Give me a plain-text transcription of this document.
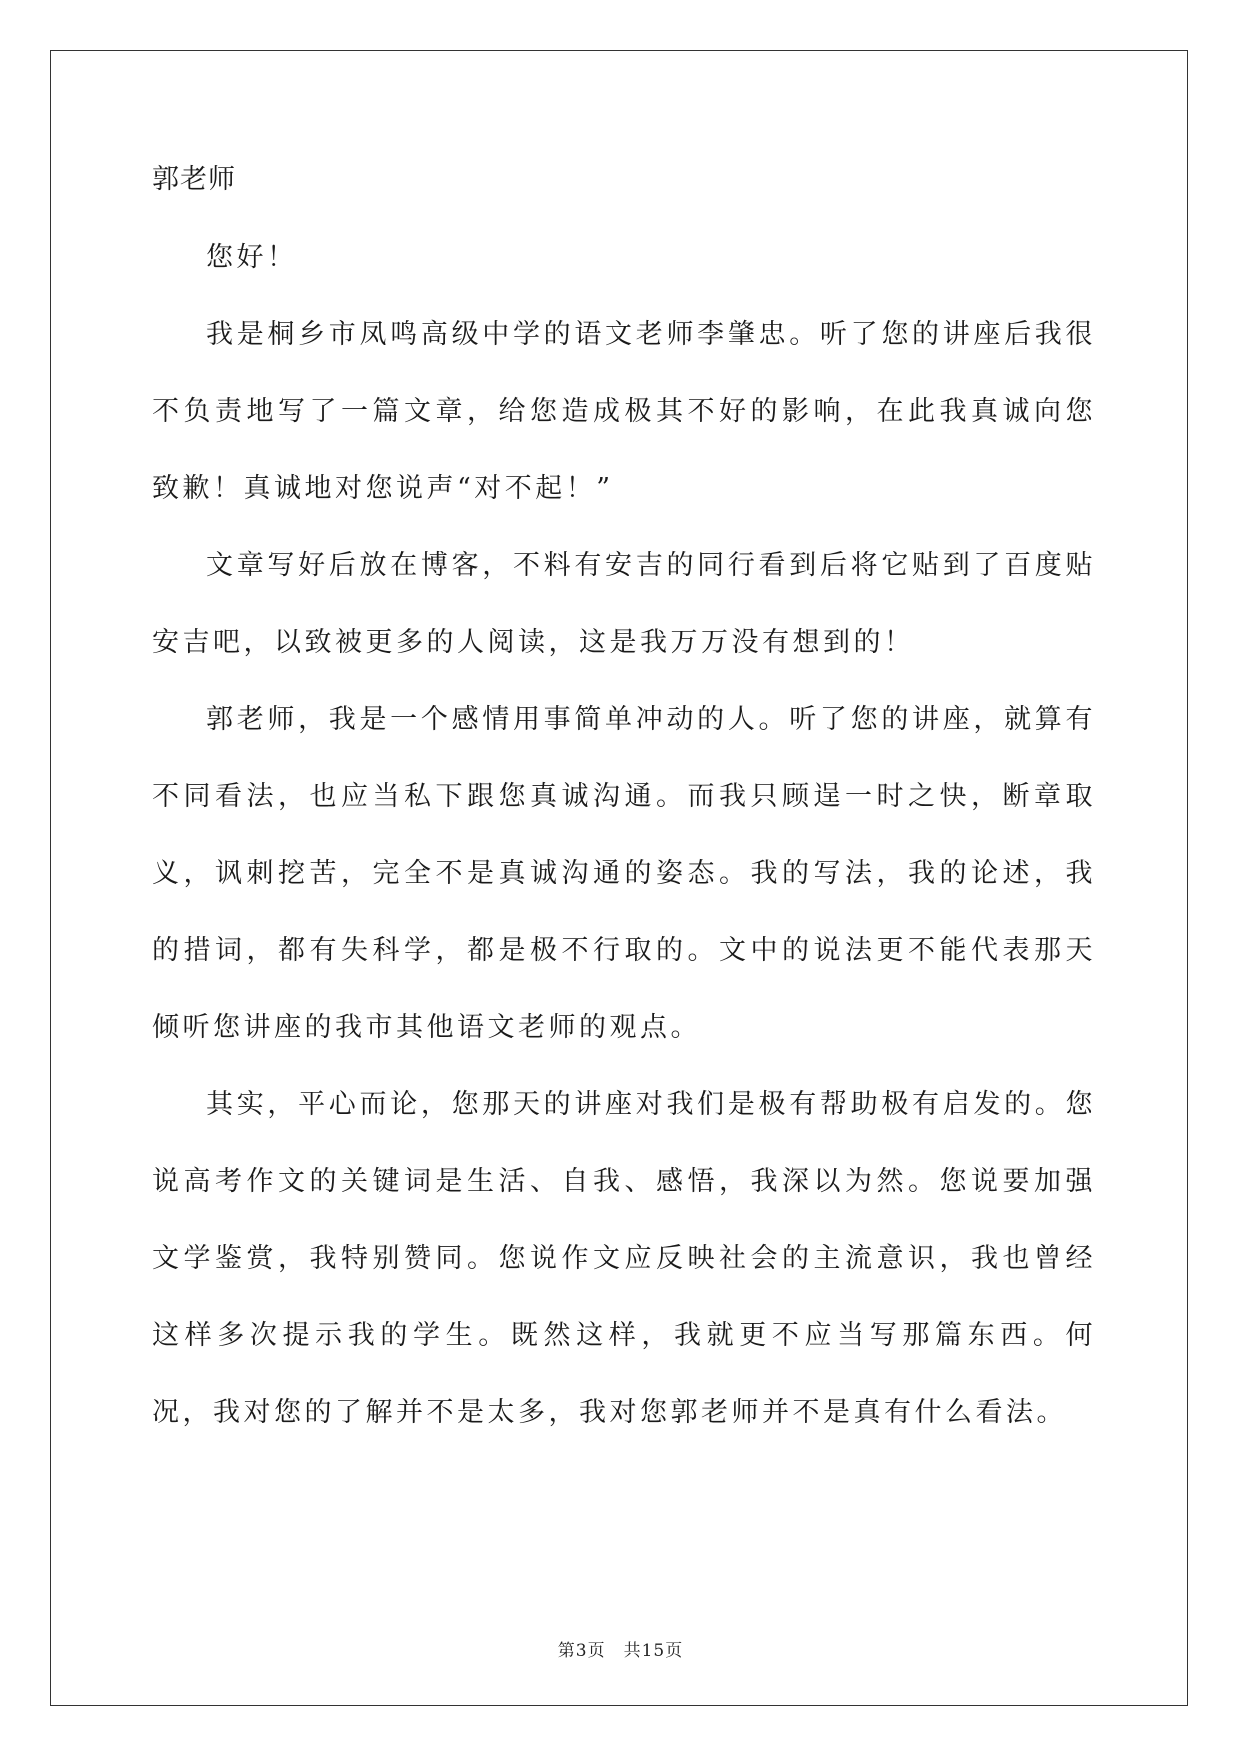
郭老师

您好！

我是桐乡市凤鸣高级中学的语文老师李肇忠。听了您的讲座后我很不负责地写了一篇文章，给您造成极其不好的影响，在此我真诚向您致歉！真诚地对您说声“对不起！”

文章写好后放在博客，不料有安吉的同行看到后将它贴到了百度贴安吉吧，以致被更多的人阅读，这是我万万没有想到的！

郭老师，我是一个感情用事简单冲动的人。听了您的讲座，就算有不同看法，也应当私下跟您真诚沟通。而我只顾逞一时之快，断章取义，讽刺挖苦，完全不是真诚沟通的姿态。我的写法，我的论述，我的措词，都有失科学，都是极不行取的。文中的说法更不能代表那天倾听您讲座的我市其他语文老师的观点。

其实，平心而论，您那天的讲座对我们是极有帮助极有启发的。您说高考作文的关键词是生活、自我、感悟，我深以为然。您说要加强文学鉴赏，我特别赞同。您说作文应反映社会的主流意识，我也曾经这样多次提示我的学生。既然这样，我就更不应当写那篇东西。何况，我对您的了解并不是太多，我对您郭老师并不是真有什么看法。

第3页 共15页
